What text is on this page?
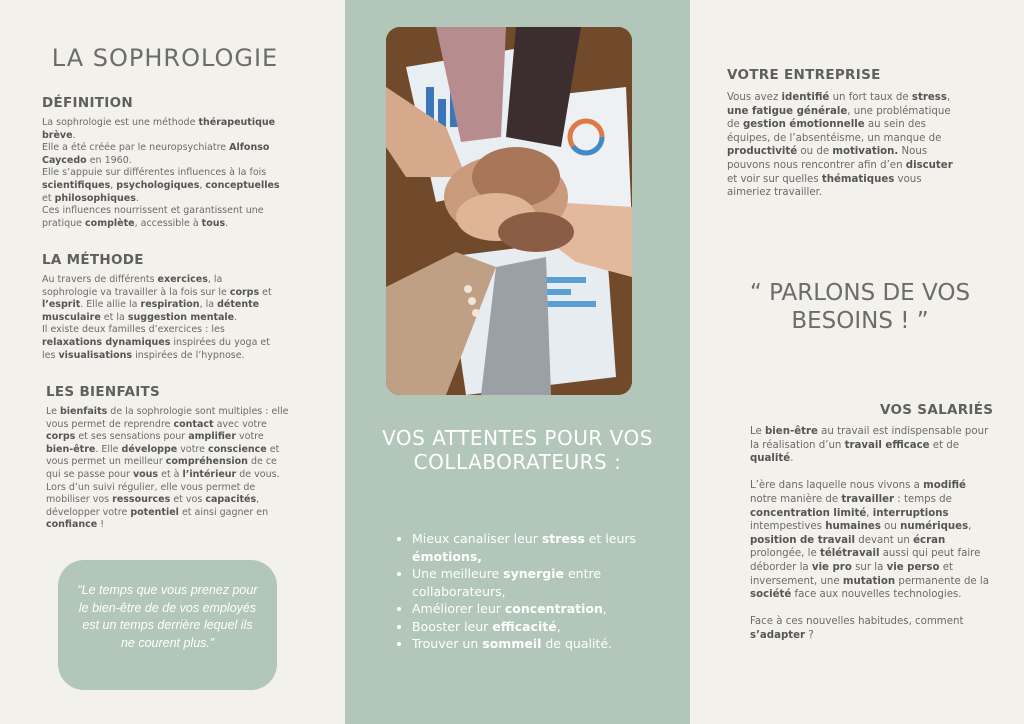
LA SOPHROLOGIE
DÉFINITION
La sophrologie est une méthode thérapeutique brève.
Elle a été créée par le neuropsychiatre Alfonso Caycedo en 1960.
Elle s’appuie sur différentes influences à la fois scientifiques, psychologiques, conceptuelles et philosophiques.
Ces influences nourrissent et garantissent une pratique complète, accessible à tous.
LA MÉTHODE
Au travers de différents exercices, la sophrologie va travailler à la fois sur le corps et l’esprit. Elle allie la respiration, la détente musculaire et la suggestion mentale.
Il existe deux familles d’exercices : les relaxations dynamiques inspirées du yoga et les visualisations inspirées de l’hypnose.
LES BIENFAITS
Le bienfaits de la sophrologie sont multiples : elle vous permet de reprendre contact avec votre corps et ses sensations pour amplifier votre bien-être. Elle développe votre conscience et vous permet un meilleur compréhension de ce qui se passe pour vous et à l’intérieur de vous. Lors d’un suivi régulier, elle vous permet de mobiliser vos ressources et vos capacités, développer votre potentiel et ainsi gagner en confiance !
“Le temps que vous prenez pour le bien-être de de vos employés est un temps derrière lequel ils ne courent plus.”
VOS ATTENTES POUR VOS COLLABORATEURS :
• Mieux canaliser leur stress et leurs émotions,
• Une meilleure synergie entre collaborateurs,
• Améliorer leur concentration,
• Booster leur efficacité,
• Trouver un sommeil de qualité.
VOTRE ENTREPRISE
Vous avez identifié un fort taux de stress, une fatigue générale, une problématique de gestion émotionnelle au sein des équipes, de l’absentéisme, un manque de productivité ou de motivation. Nous pouvons nous rencontrer afin d’en discuter et voir sur quelles thématiques vous aimeriez travailler.
“ PARLONS DE VOS BESOINS ! ”
VOS SALARIÉS
Le bien-être au travail est indispensable pour la réalisation d’un travail efficace et de qualité.

L’ère dans laquelle nous vivons a modifié notre manière de travailler : temps de concentration limité, interruptions intempestives humaines ou numériques, position de travail devant un écran prolongée, le télétravail aussi qui peut faire déborder la vie pro sur la vie perso et inversement, une mutation permanente de la société face aux nouvelles technologies.

Face à ces nouvelles habitudes, comment s’adapter ?
